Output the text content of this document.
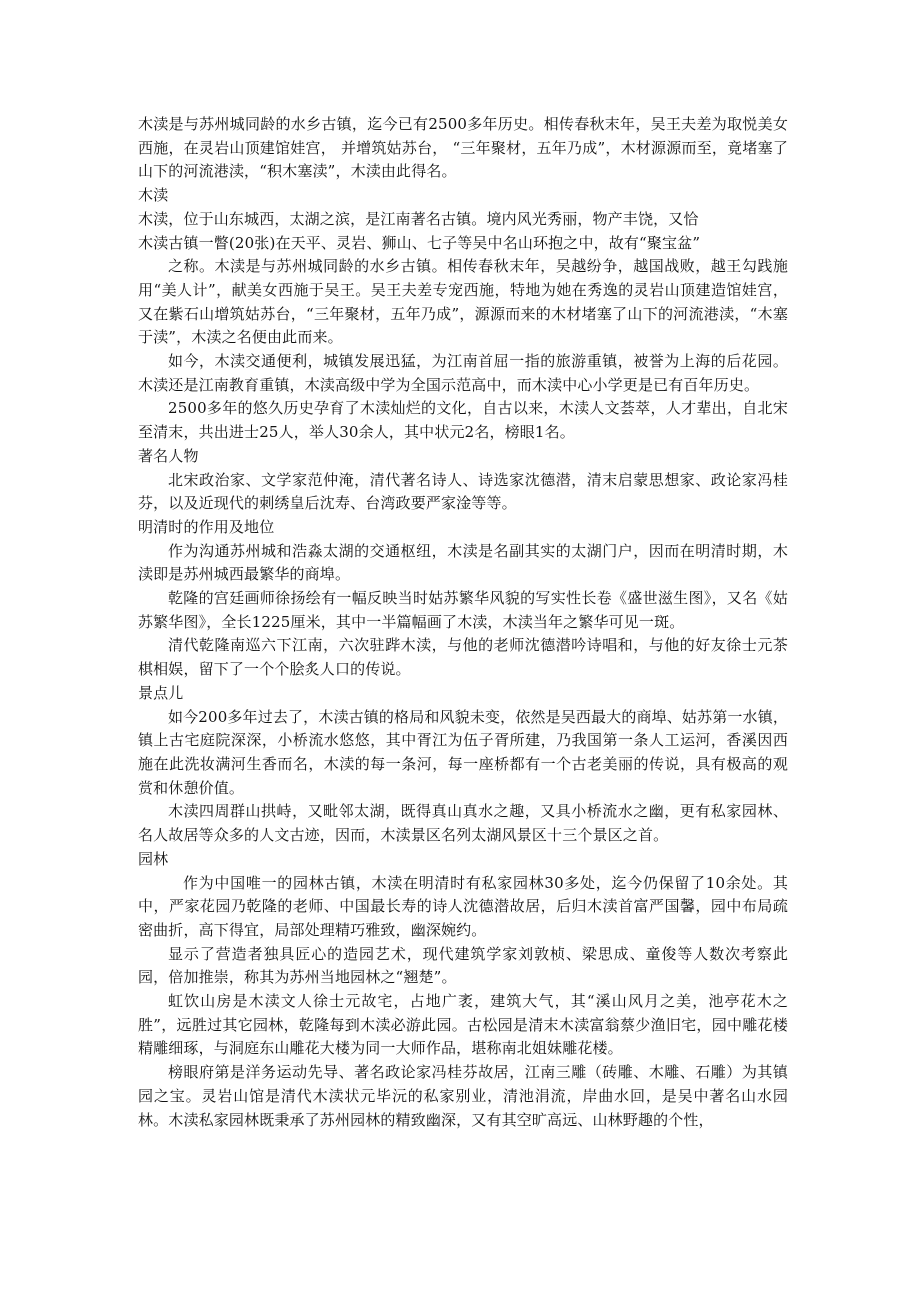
木渎是与苏州城同龄的水乡古镇，迄今已有2500多年历史。相传春秋末年，吴王夫差为取悦美女西施，在灵岩山顶建馆娃宫， 并增筑姑苏台， “三年聚材，五年乃成”，木材源源而至，竟堵塞了山下的河流港渎，“积木塞渎”，木渎由此得名。

木渎

木渎，位于山东城西，太湖之滨，是江南著名古镇。境内风光秀丽，物产丰饶，又恰

木渎古镇一瞥(20张)在天平、灵岩、狮山、七子等吴中名山环抱之中，故有“聚宝盆”

之称。木渎是与苏州城同龄的水乡古镇。相传春秋末年，吴越纷争，越国战败，越王勾践施用“美人计”，献美女西施于吴王。吴王夫差专宠西施，特地为她在秀逸的灵岩山顶建造馆娃宫，又在紫石山增筑姑苏台，“三年聚材，五年乃成”，源源而来的木材堵塞了山下的河流港渎，“木塞于渎”，木渎之名便由此而来。

如今，木渎交通便利，城镇发展迅猛，为江南首屈一指的旅游重镇，被誉为上海的后花园。木渎还是江南教育重镇，木渎高级中学为全国示范高中，而木渎中心小学更是已有百年历史。

2500多年的悠久历史孕育了木渎灿烂的文化，自古以来，木渎人文荟萃，人才辈出，自北宋至清末，共出进士25人，举人30余人，其中状元2名，榜眼1名。

著名人物

北宋政治家、文学家范仲淹，清代著名诗人、诗选家沈德潜，清末启蒙思想家、政论家冯桂芬，以及近现代的刺绣皇后沈寿、台湾政要严家淦等等。

明清时的作用及地位

作为沟通苏州城和浩淼太湖的交通枢纽，木渎是名副其实的太湖门户，因而在明清时期，木渎即是苏州城西最繁华的商埠。

乾隆的宫廷画师徐扬绘有一幅反映当时姑苏繁华风貌的写实性长卷《盛世滋生图》，又名《姑苏繁华图》，全长1225厘米，其中一半篇幅画了木渎，木渎当年之繁华可见一斑。

清代乾隆南巡六下江南，六次驻跸木渎，与他的老师沈德潜吟诗唱和，与他的好友徐士元茶棋相娱，留下了一个个脍炙人口的传说。

景点儿

如今200多年过去了，木渎古镇的格局和风貌未变，依然是吴西最大的商埠、姑苏第一水镇，镇上古宅庭院深深，小桥流水悠悠，其中胥江为伍子胥所建，乃我国第一条人工运河，香溪因西施在此洗妆满河生香而名，木渎的每一条河，每一座桥都有一个古老美丽的传说，具有极高的观赏和休憩价值。

木渎四周群山拱峙，又毗邻太湖，既得真山真水之趣，又具小桥流水之幽，更有私家园林、名人故居等众多的人文古迹，因而，木渎景区名列太湖风景区十三个景区之首。

园林

作为中国唯一的园林古镇，木渎在明清时有私家园林30多处，迄今仍保留了10余处。其中，严家花园乃乾隆的老师、中国最长寿的诗人沈德潜故居，后归木渎首富严国馨，园中布局疏密曲折，高下得宜，局部处理精巧雅致，幽深婉约。

显示了营造者独具匠心的造园艺术，现代建筑学家刘敦桢、梁思成、童俊等人数次考察此园，倍加推崇，称其为苏州当地园林之“翘楚”。

虹饮山房是木渎文人徐士元故宅，占地广袤，建筑大气，其“溪山风月之美，池亭花木之胜”，远胜过其它园林，乾隆每到木渎必游此园。古松园是清末木渎富翁蔡少渔旧宅，园中雕花楼精雕细琢，与洞庭东山雕花大楼为同一大师作品，堪称南北姐妹雕花楼。

榜眼府第是洋务运动先导、著名政论家冯桂芬故居，江南三雕（砖雕、木雕、石雕）为其镇园之宝。灵岩山馆是清代木渎状元毕沅的私家别业，清池涓流，岸曲水回，是吴中著名山水园林。木渎私家园林既秉承了苏州园林的精致幽深，又有其空旷高远、山林野趣的个性，
